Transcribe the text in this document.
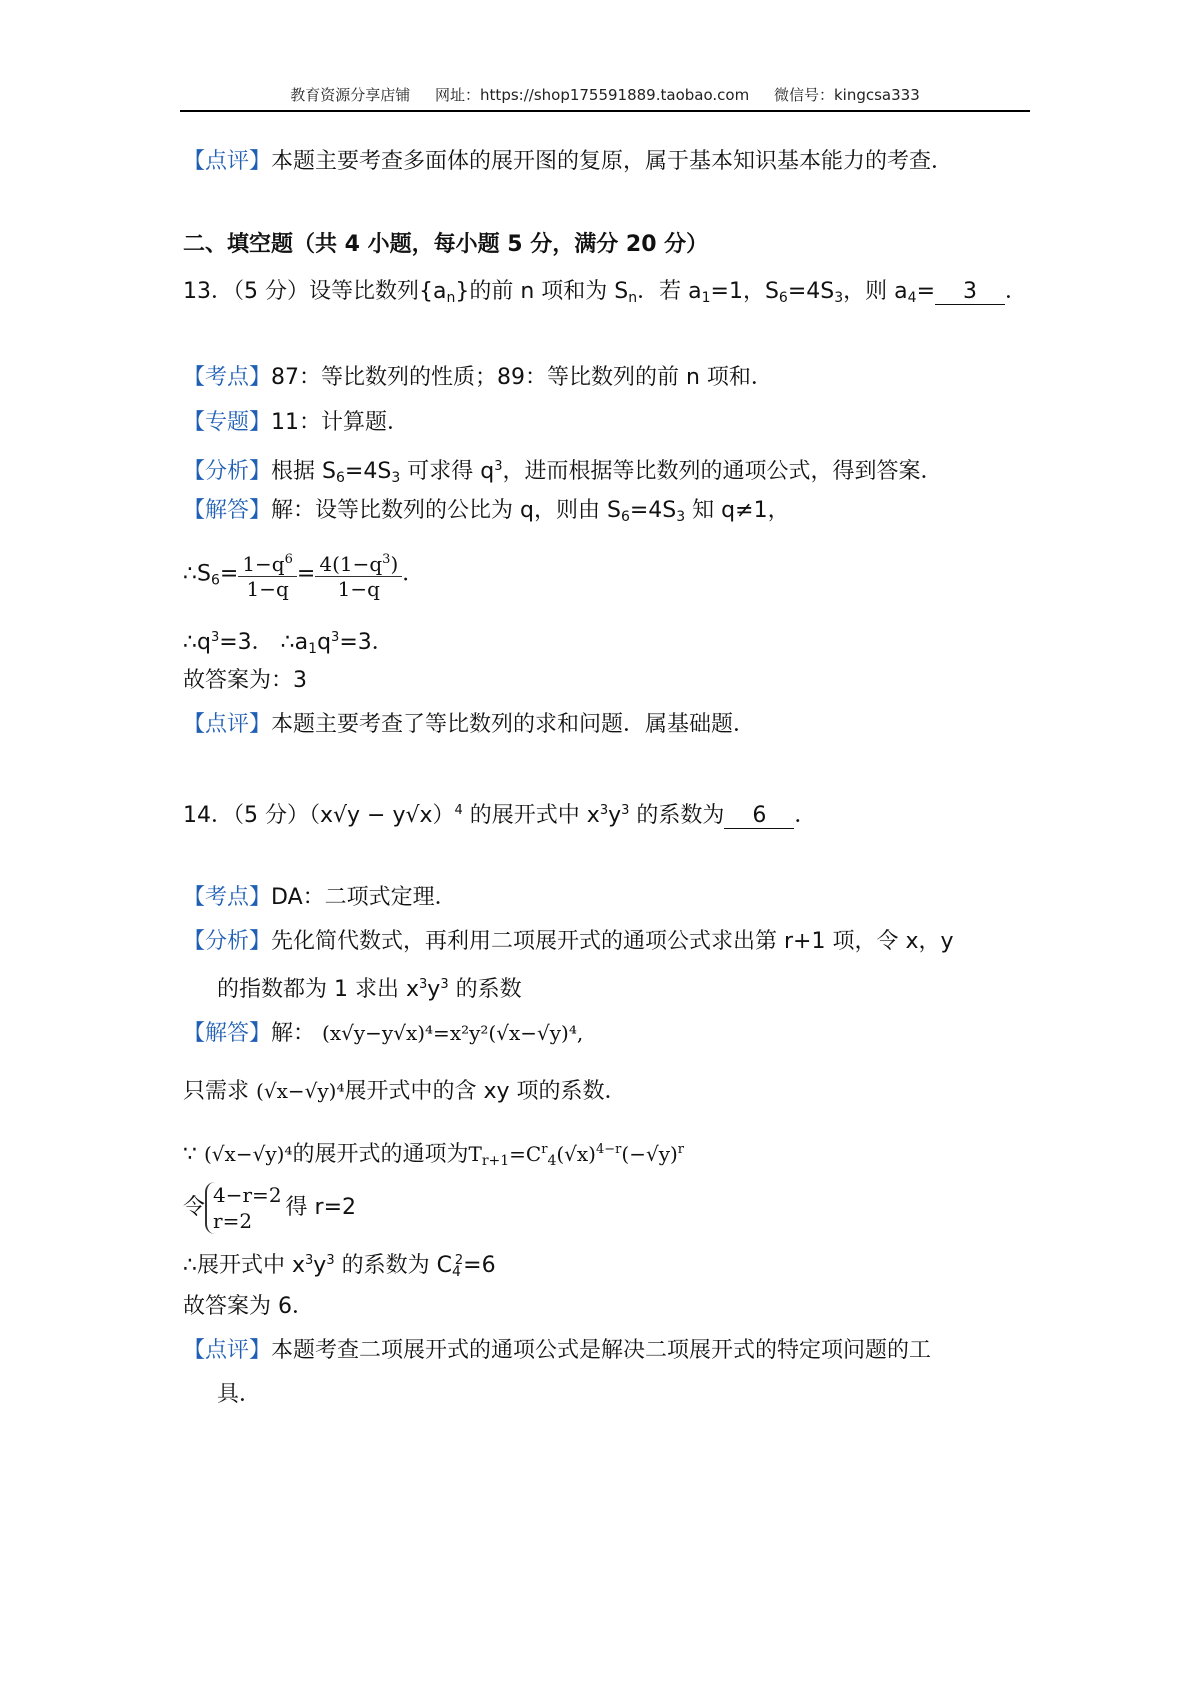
教育资源分享店铺 网址：https://shop175591889.taobao.com 微信号：kingcsa333
【点评】本题主要考查多面体的展开图的复原，属于基本知识基本能力的考查．
二、填空题（共 4 小题，每小题 5 分，满分 20 分）
13．（5 分）设等比数列$\{a_n\}$的前 n 项和为 $S_n$．若 $a_1=1$，$S_6=4S_3$，则 $a_4= 3$ ．
【考点】87：等比数列的性质；89：等比数列的前 n 项和．
【专题】11：计算题．
【分析】根据 $S_6=4S_3$ 可求得 $q^3$，进而根据等比数列的通项公式，得到答案．
【解答】解：设等比数列的公比为 q，则由 $S_6=4S_3$ 知 q≠1，
$\therefore S_6= \frac{1-q^6}{1-q} = \frac{4(1-q^3)}{1-q}$ ．
$\therefore q^3=3$． $\therefore a_1q^3=3$．
故答案为：3
【点评】本题主要考查了等比数列的求和问题．属基础题．
14．（5 分）$(x√y - y√x)^4$ 的展开式中 $x^3y^3$ 的系数为 6 ．
【考点】DA：二项式定理．
【分析】先化简代数式，再利用二项展开式的通项公式求出第 r+1 项，令 x，y
的指数都为 1 求出 $x^3y^3$ 的系数
【解答】解： (x√y−y√x)⁴=x²y²(√x−√y)⁴,
只需求 (√x−√y)⁴展开式中的含 xy 项的系数．
∵ (√x−√y)⁴的展开式的通项为$T_{r+1}=C^r_4(√x)^{4-r}(-√y)^r$
令 4−r=2
r=2
得 r=2
∴展开式中 $x^3y^3$ 的系数为 $C_4^2=6$
故答案为 6．
【点评】本题考查二项展开式的通项公式是解决二项展开式的特定项问题的工
具．
